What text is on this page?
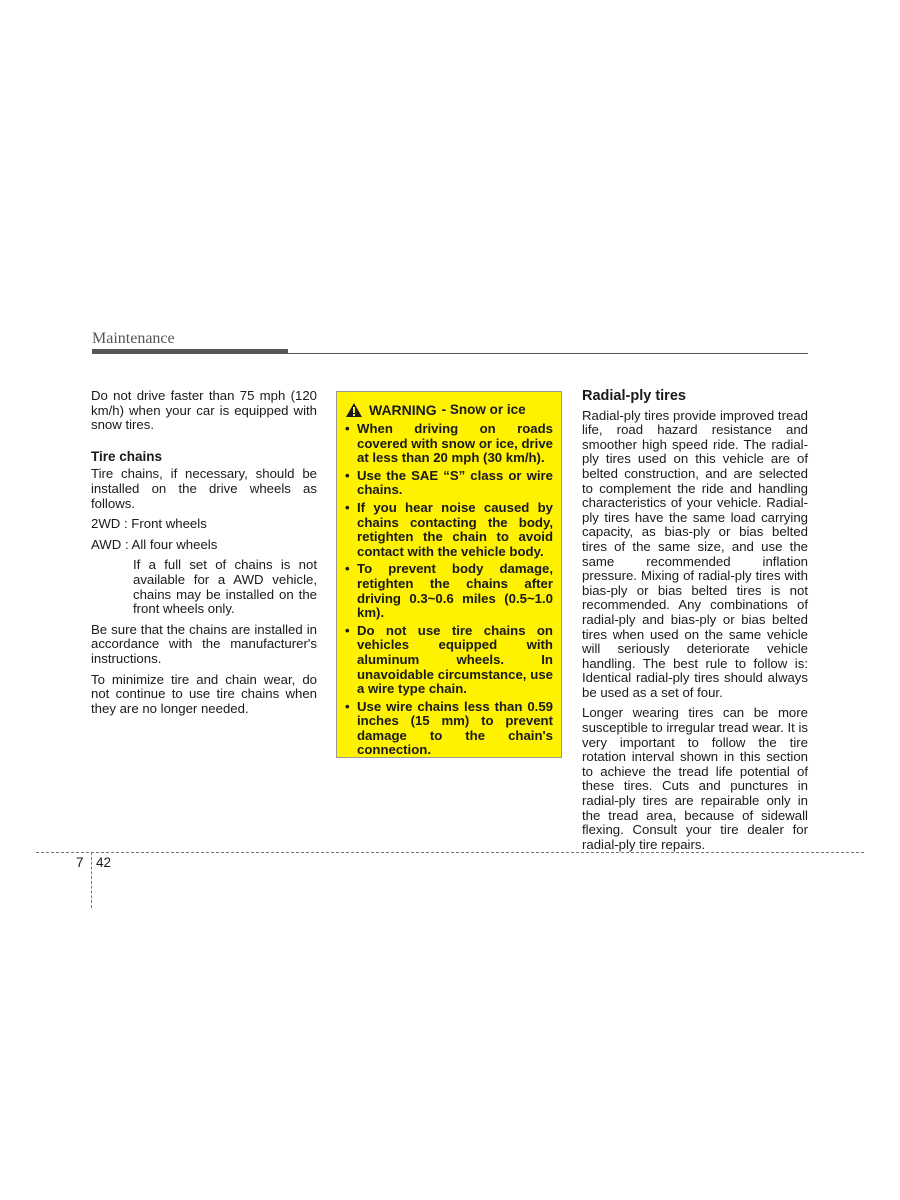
Maintenance

Do not drive faster than 75 mph (120 km/h) when your car is equipped with snow tires.

Tire chains

Tire chains, if necessary, should be installed on the drive wheels as follows.

2WD : Front wheels

AWD : All four wheels

If a full set of chains is not available for a AWD vehicle, chains may be installed on the front wheels only.

Be sure that the chains are installed in accordance with the manufacturer's instructions.

To minimize tire and chain wear, do not continue to use tire chains when they are no longer needed.

WARNING - Snow or ice
• When driving on roads covered with snow or ice, drive at less than 20 mph (30 km/h).
• Use the SAE “S” class or wire chains.
• If you hear noise caused by chains contacting the body, retighten the chain to avoid contact with the vehicle body.
• To prevent body damage, retighten the chains after driving 0.3~0.6 miles (0.5~1.0 km).
• Do not use tire chains on vehicles equipped with aluminum wheels. In unavoidable circumstance, use a wire type chain.
• Use wire chains less than 0.59 inches (15 mm) to prevent damage to the chain's connection.
Radial-ply tires

Radial-ply tires provide improved tread life, road hazard resistance and smoother high speed ride. The radial-ply tires used on this vehicle are of belted construction, and are selected to complement the ride and handling characteristics of your vehicle. Radial-ply tires have the same load carrying capacity, as bias-ply or bias belted tires of the same size, and use the same recommended inflation pressure. Mixing of radial-ply tires with bias-ply or bias belted tires is not recommended. Any combinations of radial-ply and bias-ply or bias belted tires when used on the same vehicle will seriously deteriorate vehicle handling. The best rule to follow is: Identical radial-ply tires should always be used as a set of four.

Longer wearing tires can be more susceptible to irregular tread wear. It is very important to follow the tire rotation interval shown in this section to achieve the tread life potential of these tires. Cuts and punctures in radial-ply tires are repairable only in the tread area, because of sidewall flexing. Consult your tire dealer for radial-ply tire repairs.

7 42
